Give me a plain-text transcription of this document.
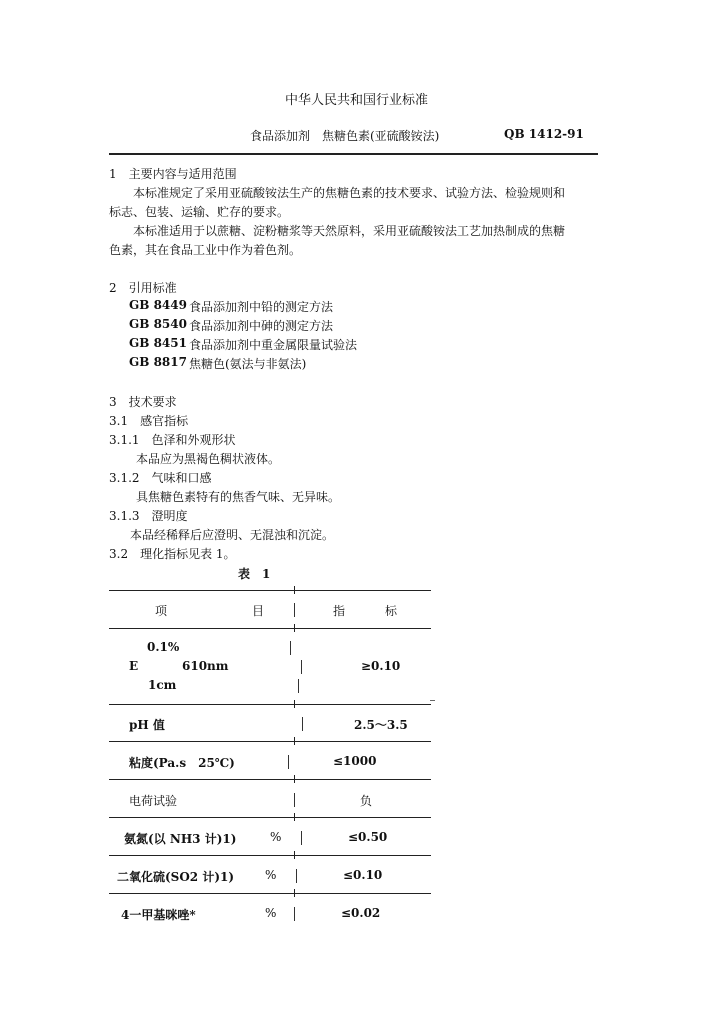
中华人民共和国行业标准
食品添加剂　焦糖色素(亚硫酸铵法)	QB 1412-91
1　主要内容与适用范围
本标准规定了采用亚硫酸铵法生产的焦糖色素的技术要求、试验方法、检验规则和
标志、包装、运输、贮存的要求。
本标准适用于以蔗糖、淀粉糖浆等天然原料，采用亚硫酸铵法工艺加热制成的焦糖
色素，其在食品工业中作为着色剂。
2　引用标准
GB 8449 食品添加剂中铅的测定方法
GB 8540 食品添加剂中砷的测定方法
GB 8451 食品添加剂中重金属限量试验法
GB 8817 焦糖色(氨法与非氨法)
3　技术要求
3.1　感官指标
3.1.1　色泽和外观形状
本品应为黑褐色稠状液体。
3.1.2　气味和口感
具焦糖色素特有的焦香气味、无异味。
3.1.3　澄明度
本品经稀释后应澄明、无混浊和沉淀。
3.2　理化指标见表 1。
表　1
项	目	指	标
0.1%
E	610nm	≥0.10
1cm
pH 值	2.5～3.5
粘度(Pa.s　25℃)	≤1000
电荷试验	负
氨氮(以 NH3 计)1)	%	≤0.50
二氧化硫(SO2 计)1)	%	≤0.10
4一甲基咪唑*	%	≤0.02
